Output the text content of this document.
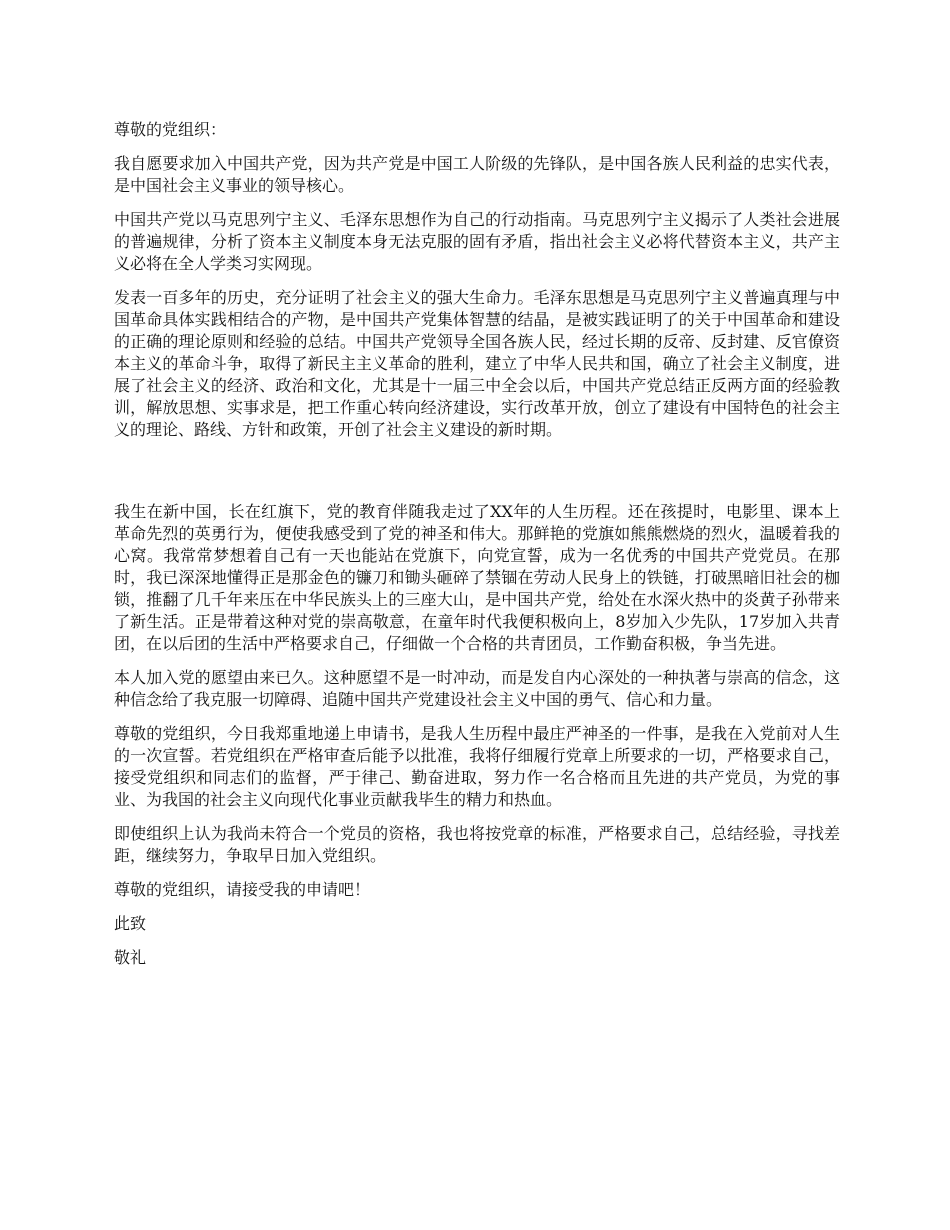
尊敬的党组织：

我自愿要求加入中国共产党，因为共产党是中国工人阶级的先锋队，是中国各族人民利益的忠实代表，是中国社会主义事业的领导核心。

中国共产党以马克思列宁主义、毛泽东思想作为自己的行动指南。马克思列宁主义揭示了人类社会进展的普遍规律，分析了资本主义制度本身无法克服的固有矛盾，指出社会主义必将代替资本主义，共产主义必将在全人学类习实网现。

发表一百多年的历史，充分证明了社会主义的强大生命力。毛泽东思想是马克思列宁主义普遍真理与中国革命具体实践相结合的产物，是中国共产党集体智慧的结晶，是被实践证明了的关于中国革命和建设的正确的理论原则和经验的总结。中国共产党领导全国各族人民，经过长期的反帝、反封建、反官僚资本主义的革命斗争，取得了新民主主义革命的胜利，建立了中华人民共和国，确立了社会主义制度，进展了社会主义的经济、政治和文化，尤其是十一届三中全会以后，中国共产党总结正反两方面的经验教训，解放思想、实事求是，把工作重心转向经济建设，实行改革开放，创立了建设有中国特色的社会主义的理论、路线、方针和政策，开创了社会主义建设的新时期。

我生在新中国，长在红旗下，党的教育伴随我走过了XX年的人生历程。还在孩提时，电影里、课本上革命先烈的英勇行为，便使我感受到了党的神圣和伟大。那鲜艳的党旗如熊熊燃烧的烈火，温暖着我的心窝。我常常梦想着自己有一天也能站在党旗下，向党宣誓，成为一名优秀的中国共产党党员。在那时，我已深深地懂得正是那金色的镰刀和锄头砸碎了禁锢在劳动人民身上的铁链，打破黑暗旧社会的枷锁，推翻了几千年来压在中华民族头上的三座大山，是中国共产党，给处在水深火热中的炎黄子孙带来了新生活。正是带着这种对党的崇高敬意，在童年时代我便积极向上，8岁加入少先队，17岁加入共青团，在以后团的生活中严格要求自己，仔细做一个合格的共青团员，工作勤奋积极，争当先进。

本人加入党的愿望由来已久。这种愿望不是一时冲动，而是发自内心深处的一种执著与崇高的信念，这种信念给了我克服一切障碍、追随中国共产党建设社会主义中国的勇气、信心和力量。

尊敬的党组织，今日我郑重地递上申请书，是我人生历程中最庄严神圣的一件事，是我在入党前对人生的一次宣誓。若党组织在严格审查后能予以批准，我将仔细履行党章上所要求的一切，严格要求自己，接受党组织和同志们的监督，严于律己、勤奋进取，努力作一名合格而且先进的共产党员，为党的事业、为我国的社会主义向现代化事业贡献我毕生的精力和热血。

即使组织上认为我尚未符合一个党员的资格，我也将按党章的标准，严格要求自己，总结经验，寻找差距，继续努力，争取早日加入党组织。

尊敬的党组织，请接受我的申请吧！

此致

敬礼
